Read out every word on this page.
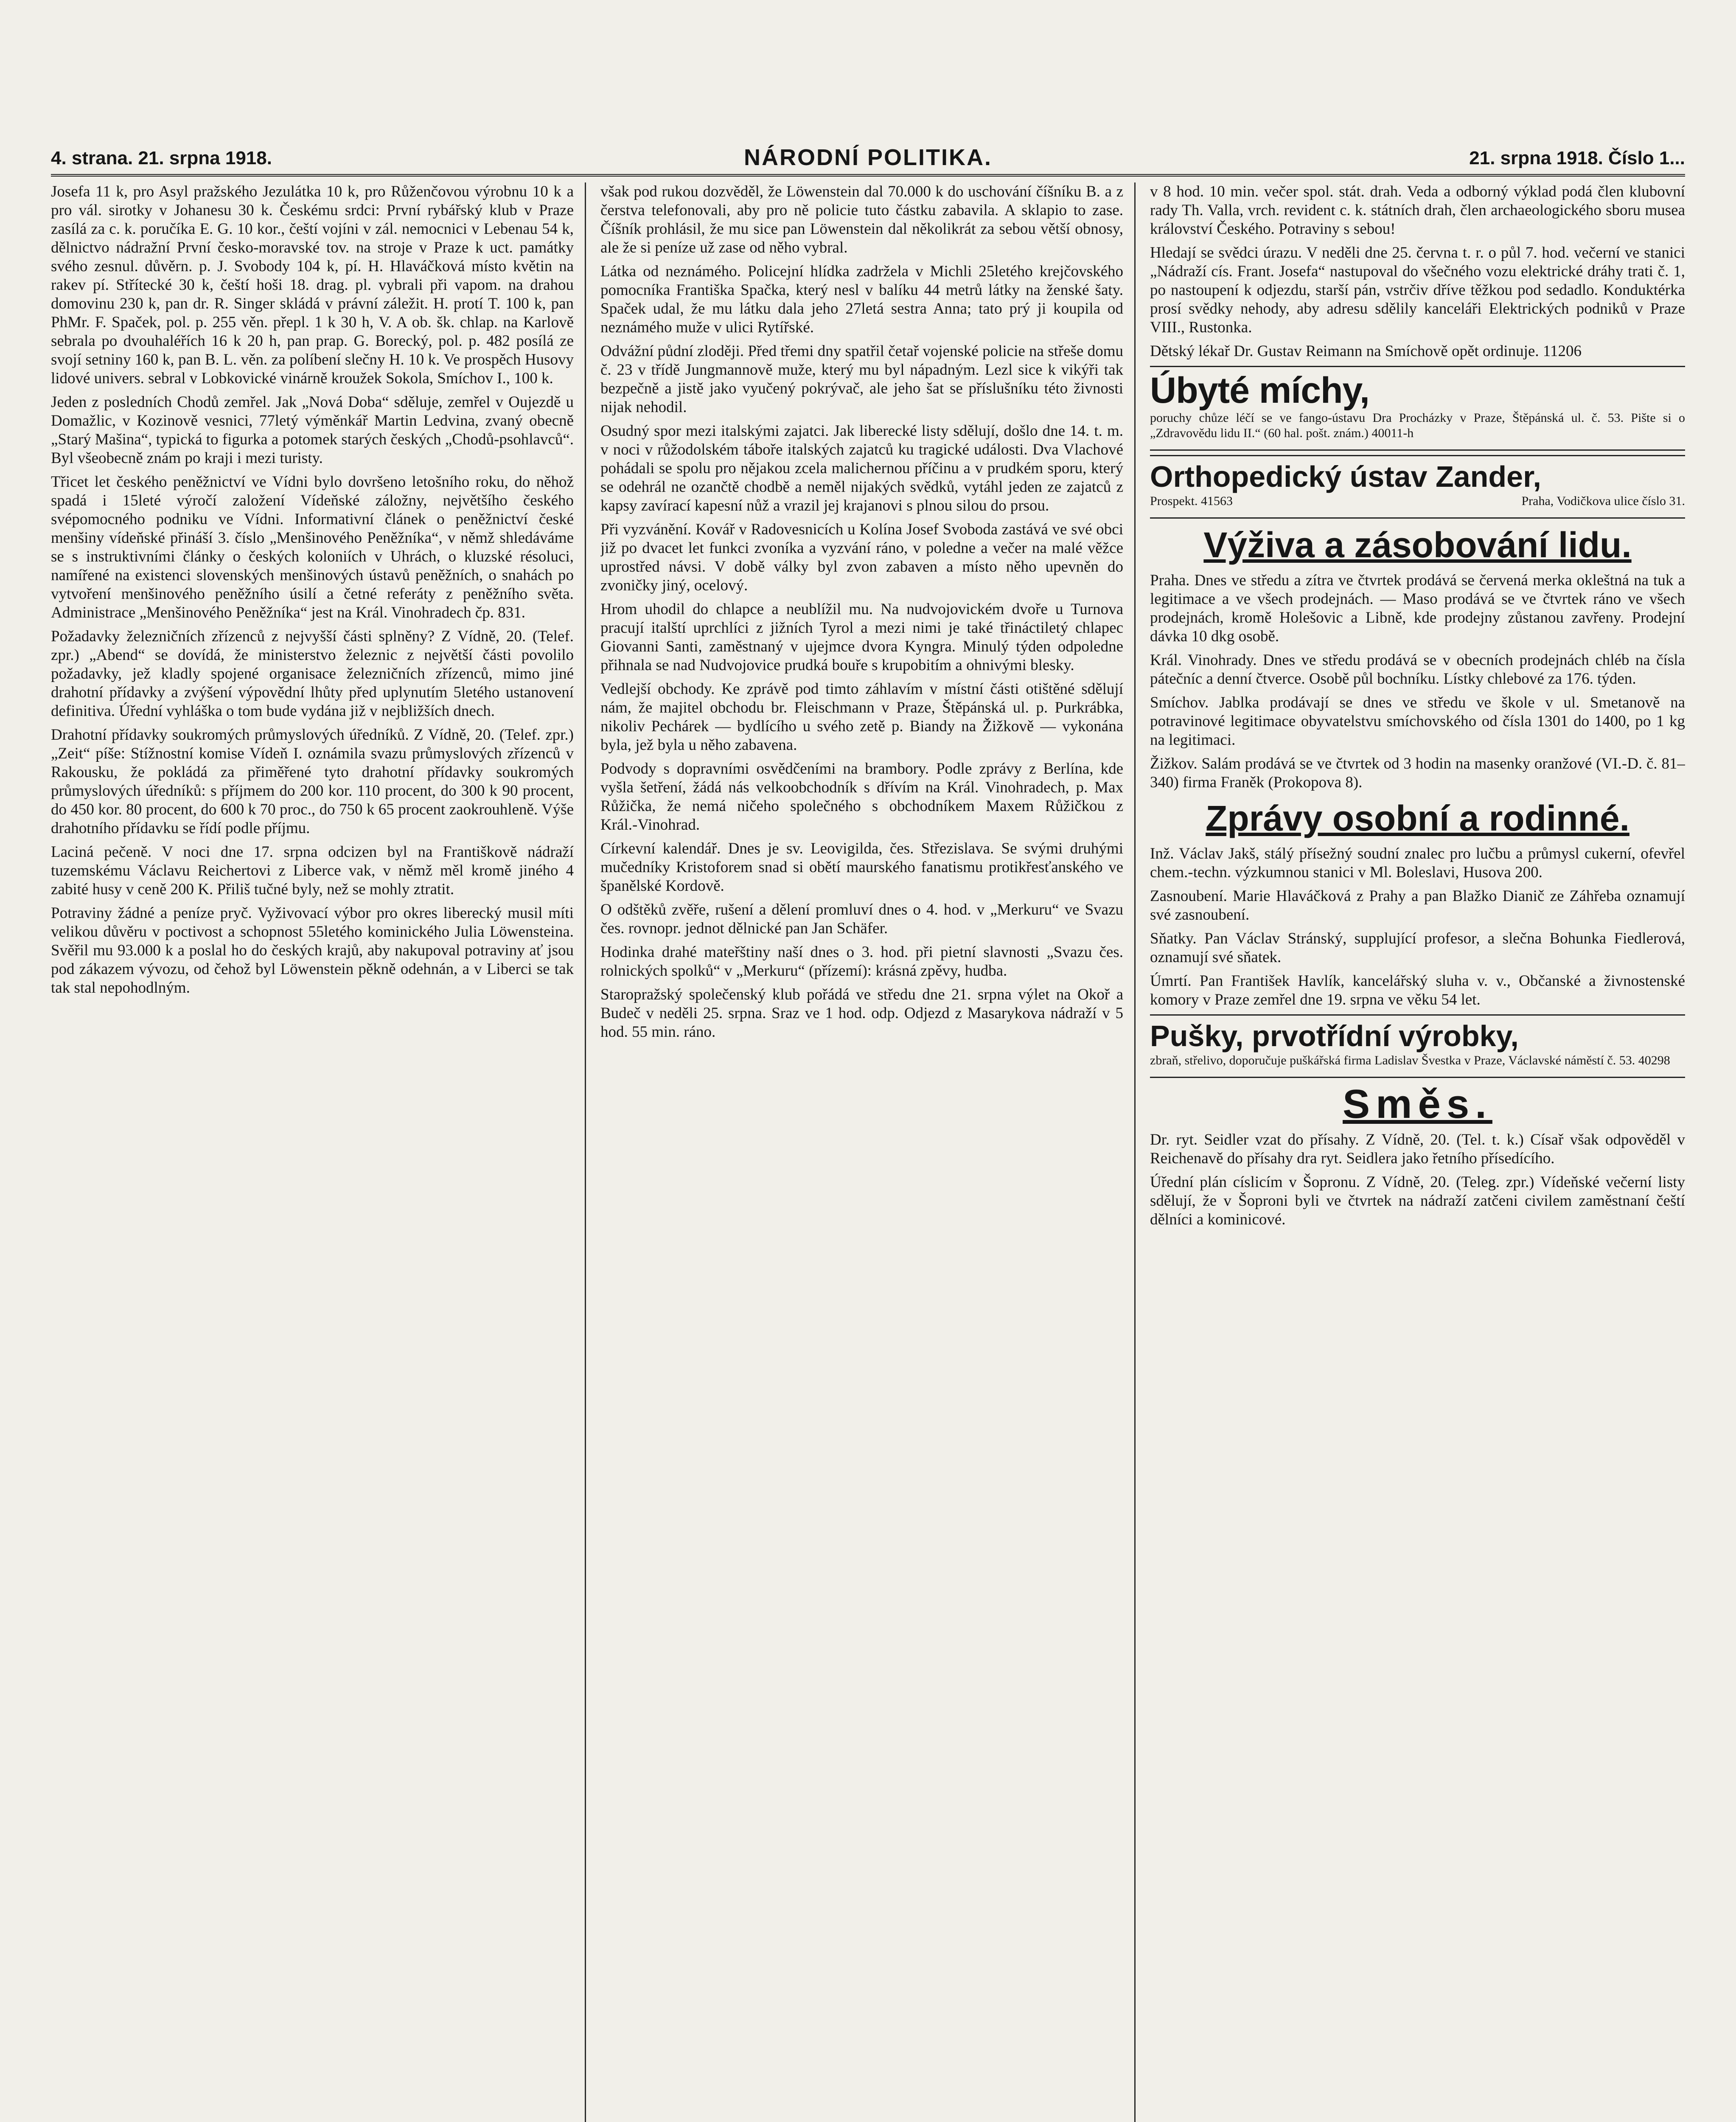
4. strana. 21. srpna 1918.	NÁRODNÍ POLITIKA.	21. srpna 1918. Číslo 1...

Josefa 11 k, pro Asyl pražského Jezulátka 10 k, pro Růženčovou výrobnu 10 k a pro vál. sirotky v Johanesu 30 k. Českému srdci: První rybářský klub v Praze zasílá za c. k. poručíka E. G. 10 kor., čeští vojíni v zál. nemocnici v Lebenau 54 k, dělnictvo nádražní První česko‑moravské tov. na stroje v Praze k uct. památky svého zesnul. důvěrn. p. J. Svobody 104 k, pí. H. Hlaváčková místo květin na rakev pí. Střítecké 30 k, čeští hoši 18. drag. pl. vybrali při vapom. na drahou domovinu 230 k, pan dr. R. Singer skládá v právní záležit. H. protí T. 100 k, pan PhMr. F. Spaček, pol. p. 255 věn. přepl. 1 k 30 h, V. A ob. šk. chlap. na Karlově sebrala po dvouhaléřích 16 k 20 h, pan prap. G. Borecký, pol. p. 482 posílá ze svojí setniny 160 k, pan B. L. věn. za políbení slečny H. 10 k. Ve prospěch Husovy lidové univers. sebral v Lobkovické vinárně kroužek Sokola, Smíchov I., 100 k.

Jeden z posledních Chodů zemřel. Jak „Nová Doba“ sděluje, zemřel v Oujezdě u Domažlic, v Kozinově vesnici, 77letý výměnkář Martin Ledvina, zvaný obecně „Starý Mašina“, typická to figurka a potomek starých českých „Chodů‑psohlavců“. Byl všeobecně znám po kraji i mezi turisty.

Třicet let českého peněžnictví ve Vídni bylo dovršeno letošního roku, do něhož spadá i 15leté výročí založení Vídeňské záložny, největšího českého svépomocného podniku ve Vídni. Informativní článek o peněžnictví české menšiny vídeňské přináší 3. číslo „Menšinového Peněžníka“, v němž shledáváme se s instruktivními články o českých koloniích v Uhrách, o kluzské résoluci, namířené na existenci slovenských menšinových ústavů peněžních, o snahách po vytvoření menšinového peněžního úsilí a četné referáty z peněžního světa. Administrace „Menšinového Peněžníka“ jest na Král. Vinohradech čp. 831.

Požadavky železničních zřízenců z nejvyšší části splněny? Z Vídně, 20. (Telef. zpr.) „Abend“ se dovídá, že ministerstvo železnic z největší části povolilo požadavky, jež kladly spojené organisace železničních zřízenců, mimo jiné drahotní přídavky a zvýšení výpovědní lhůty před uplynutím 5letého ustanovení definitiva. Úřední vyhláška o tom bude vydána již v nejbližších dnech.

Drahotní přídavky soukromých průmyslových úředníků. Z Vídně, 20. (Telef. zpr.) „Zeit“ píše: Stížnostní komise Vídeň I. oznámila svazu průmyslových zřízenců v Rakousku, že pokládá za přiměřené tyto drahotní přídavky soukromých průmyslových úředníků: s příjmem do 200 kor. 110 procent, do 300 k 90 procent, do 450 kor. 80 procent, do 600 k 70 proc., do 750 k 65 procent zaokrouhleně. Výše drahotního přídavku se řídí podle příjmu.

Laciná pečeně. V noci dne 17. srpna odcizen byl na Františkově nádraží tuzemskému Václavu Reichertovi z Liberce vak, v němž měl kromě jiného 4 zabité husy v ceně 200 K. Přiliš tučné byly, než se mohly ztratit.

Potraviny žádné a peníze pryč. Vyživovací výbor pro okres liberecký musil míti velikou důvěru v poctivost a schopnost 55letého kominického Julia Löwensteina. Svěřil mu 93.000 k a poslal ho do českých krajů, aby nakupoval potraviny ať jsou pod zákazem vývozu, od čehož byl Löwenstein pěkně odehnán, a v Liberci se tak tak stal nepohodlným.

však pod rukou dozvěděl, že Löwenstein dal 70.000 k do uschování číšníku B. a z čerstva telefonovali, aby pro ně policie tuto částku zabavila. A sklapio to zase. Číšník prohlásil, že mu sice pan Löwenstein dal několikrát za sebou větší obnosy, ale že si peníze už zase od něho vybral.

Látka od neznámého. Policejní hlídka zadržela v Michli 25letého krejčovského pomocníka Františka Spačka, který nesl v balíku 44 metrů látky na ženské šaty. Spaček udal, že mu látku dala jeho 27letá sestra Anna; tato prý ji koupila od neznámého muže v ulici Rytířské.

Odvážní půdní zloději. Před třemi dny spatřil četař vojenské policie na střeše domu č. 23 v třídě Jungmannově muže, který mu byl nápadným. Lezl sice k vikýři tak bezpečně a jistě jako vyučený pokrývač, ale jeho šat se příslušníku této živnosti nijak nehodil.

Osudný spor mezi italskými zajatci. Jak liberecké listy sdělují, došlo dne 14. t. m. v noci v růžodolském táboře italských zajatců ku tragické události. Dva Vlachové pohádali se spolu pro nějakou zcela malichernou příčinu a v prudkém sporu, který se odehrál ne ozančtě chodbě a neměl nijakých svědků, vytáhl jeden ze zajatců z kapsy zavírací kapesní nůž a vrazil jej krajanovi s plnou silou do prsou.

Při vyzvánění. Kovář v Radovesnicích u Kolína Josef Svoboda zastává ve své obci již po dvacet let funkci zvoníka a vyzvání ráno, v poledne a večer na malé věžce uprostřed návsi. V době války byl zvon zabaven a místo něho upevněn do zvoničky jiný, ocelový.

Hrom uhodil do chlapce a neublížil mu. Na nudvojovickém dvoře u Turnova pracují italští uprchlíci z jižních Tyrol a mezi nimi je také třináctiletý chlapec Giovanni Santi, zaměstnaný v ujejmce dvora Kyngra. Minulý týden odpoledne přihnala se nad Nudvojovice prudká bouře s krupobitím a ohnivými blesky.

Vedlejší obchody. Ke zprávě pod timto záhlavím v místní části otištěné sdělují nám, že majitel obchodu br. Fleischmann v Praze, Štěpánská ul. p. Purkrábka, nikoliv Pechárek — bydlícího u svého zetě p. Biandy na Žižkově — vykonána byla, jež byla u něho zabavena.

Podvody s dopravními osvědčeními na brambory. Podle zprávy z Berlína, kde vyšla šetření, žádá nás velkoobchodník s dřívím na Král. Vinohradech, p. Max Růžička, že nemá ničeho společného s obchodníkem Maxem Růžičkou z Král.‑Vinohrad.

Církevní kalendář. Dnes je sv. Leovigilda, čes. Střezislava. Se svými druhými mučedníky Kristoforem snad si obětí maurského fanatismu protikřesťanského ve španělské Kordově.

O odštěků zvěře, rušení a dělení promluví dnes o 4. hod. v „Merkuru“ ve Svazu čes. rovnopr. jednot dělnické pan Jan Schäfer.

Hodinka drahé mateřštiny naší dnes o 3. hod. při pietní slavnosti „Svazu čes. rolnických spolků“ v „Merkuru“ (přízemí): krásná zpěvy, hudba.

Staropražský společenský klub pořádá ve středu dne 21. srpna výlet na Okoř a Budeč v neděli 25. srpna. Sraz ve 1 hod. odp. Odjezd z Masarykova nádraží v 5 hod. 55 min. ráno.

v 8 hod. 10 min. večer spol. stát. drah. Veda a odborný výklad podá člen klubovní rady Th. Valla, vrch. revident c. k. státních drah, člen archaeologického sboru musea království Českého. Potraviny s sebou!

Hledají se svědci úrazu. V neděli dne 25. června t. r. o půl 7. hod. večerní ve stanici „Nádraží cís. Frant. Josefa“ nastupoval do všečného vozu elektrické dráhy trati č. 1, po nastoupení k odjezdu, starší pán, vstrčiv dříve těžkou pod sedadlo. Konduktérka prosí svědky nehody, aby adresu sdělily kanceláři Elektrických podniků v Praze VIII., Rustonka.

Dětský lékař Dr. Gustav Reimann na Smíchově opět ordinuje. 11206

Úbyté míchy,
poruchy chůze léčí se ve fango-ústavu Dra Procházky v Praze, Štěpánská ul. č. 53. Pište si o „Zdravovědu lidu II.“ (60 hal. pošt. znám.) 40011-h
Orthopedický ústav Zander,
Prospekt. 41563	Praha, Vodičkova ulice číslo 31.
Výživa a zásobování lidu.

Praha. Dnes ve středu a zítra ve čtvrtek prodává se červená merka okleštná na tuk a legitimace a ve všech prodejnách. — Maso prodává se ve čtvrtek ráno ve všech prodejnách, kromě Holešovic a Libně, kde prodejny zůstanou zavřeny. Prodejní dávka 10 dkg osobě.

Král. Vinohrady. Dnes ve středu prodává se v obecních prodejnách chléb na čísla pátečníc a denní čtverce. Osobě půl bochníku. Lístky chlebové za 176. týden.

Smíchov. Jablka prodávají se dnes ve středu ve škole v ul. Smetanově na potravinové legitimace obyvatelstvu smíchovského od čísla 1301 do 1400, po 1 kg na legitimaci.

Žižkov. Salám prodává se ve čtvrtek od 3 hodin na masenky oranžové (VI.‑D. č. 81–340) firma Franěk (Prokopova 8).

Zprávy osobní a rodinné.

Inž. Václav Jakš, stálý přísežný soudní znalec pro lučbu a průmysl cukerní, ofevřel chem.‑techn. výzkumnou stanici v Ml. Boleslavi, Husova 200.

Zasnoubení. Marie Hlaváčková z Prahy a pan Blažko Dianič ze Záhřeba oznamují své zasnoubení.

Sňatky. Pan Václav Stránský, supplující profesor, a slečna Bohunka Fiedlerová, oznamují své sňatek.

Úmrtí. Pan František Havlík, kancelářský sluha v. v., Občanské a živnostenské komory v Praze zemřel dne 19. srpna ve věku 54 let.

Pušky, prvotřídní výrobky,
zbraň, střelivo, doporučuje puškářská firma Ladislav Švestka v Praze, Václavské náměstí č. 53. 40298
Směs.

Dr. ryt. Seidler vzat do přísahy. Z Vídně, 20. (Tel. t. k.) Císař však odpověděl v Reichenavě do přísahy dra ryt. Seidlera jako řetního přísedícího.

Úřední plán císlicím v Šopronu. Z Vídně, 20. (Teleg. zpr.) Vídeňské večerní listy sdělují, že v Šoproni byli ve čtvrtek na nádraží zatčeni civilem zaměstnaní čeští dělníci a kominicové.
